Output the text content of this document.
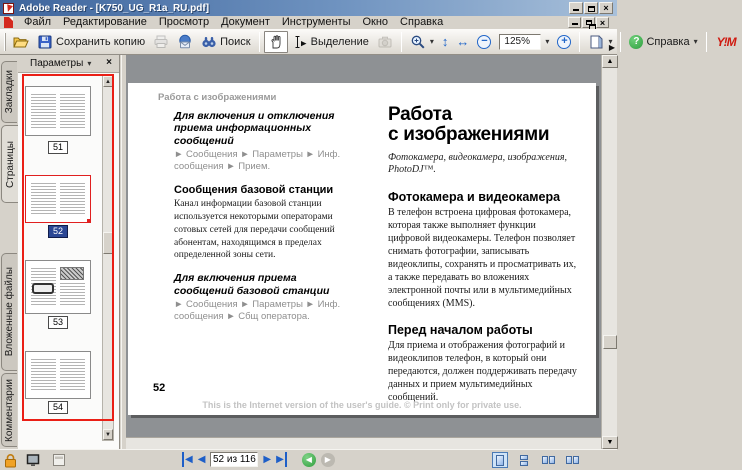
Adobe Reader - [K750_UG_R1a_RU.pdf]	×
Файл	Редактирование	Просмотр	Документ	Инструменты	Окно	Справка	×
Сохранить копию	Поиск	Выделение	▾ ↕ ↔	−	125%	▾	+	▾	? Справка ▾	Y!M
▶
Закладки
Страницы
Вложенные файлы
Комментарии
Параметры ▾ ×
51
52
53
54
▲
▼
Работа с изображениями
Для включения и отключения приема информационных сообщений
► Сообщения ► Параметры ► Инф. сообщения ► Прием.
Сообщения базовой станции
Канал информации базовой станции используется некоторыми операторами сотовых сетей для передачи сообщений абонентам, находящимся в пределах определенной зоны сети.
Для включения приема сообщений базовой станции
► Сообщения ► Параметры ► Инф. сообщения ► Сбщ оператора.
Работа
с изображениями
Фотокамера, видеокамера, изображения, PhotoDJ™.
Фотокамера и видеокамера
В телефон встроена цифровая фотокамера, которая также выполняет функции цифровой видеокамеры. Телефон позволяет снимать фотографии, записывать видеоклипы, сохранять и просматривать их, а также передавать во вложениях электронной почты или в мультимедийных сообщениях (MMS).
Перед началом работы
Для приема и отображения фотографий и видеоклипов телефон, в который они передаются, должен поддерживать передачу данных и прием мультимедийных сообщений.
52
This is the Internet version of the user's guide. © Print only for private use.
▲
▼
◀ ◀ 52 из 116 ▶ ▶	◀	▶
